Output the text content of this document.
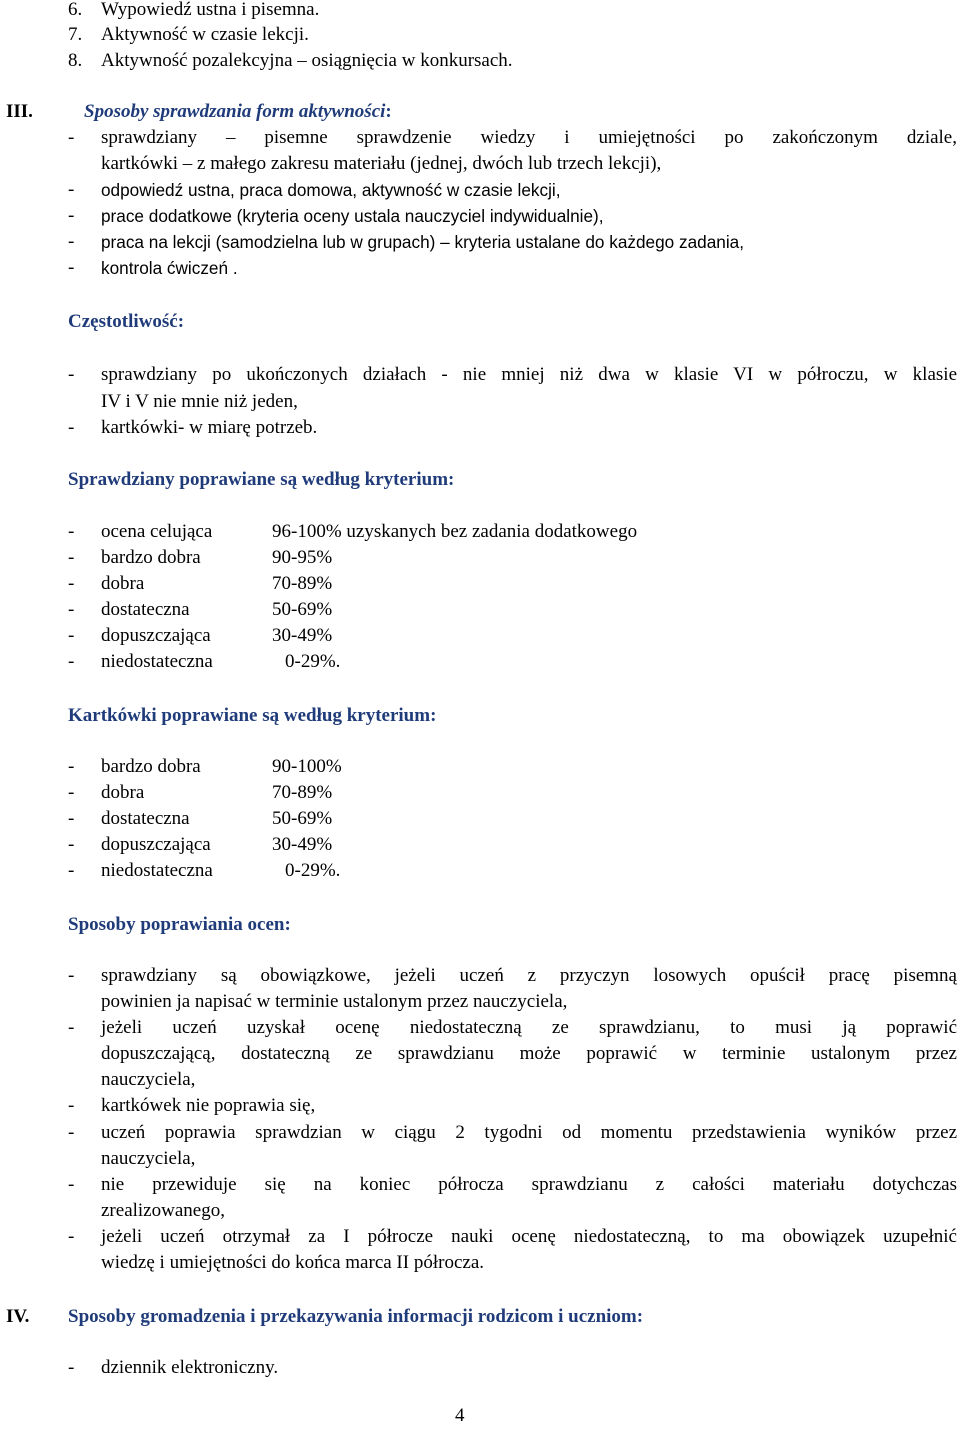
6. Wypowiedź ustna i pisemna.
7. Aktywność w czasie lekcji.
8. Aktywność pozalekcyjna – osiągnięcia w konkursach.
III.	Sposoby sprawdzania form aktywności:
- sprawdziany – pisemne sprawdzenie wiedzy i umiejętności po zakończonym dziale,
kartkówki – z małego zakresu materiału (jednej, dwóch lub trzech lekcji),
- odpowiedź ustna, praca domowa, aktywność w czasie lekcji,
- prace dodatkowe (kryteria oceny ustala nauczyciel indywidualnie),
- praca na lekcji (samodzielna lub w grupach) – kryteria ustalane do każdego zadania,
- kontrola ćwiczeń .
Częstotliwość:
- sprawdziany po ukończonych działach - nie mniej niż dwa w klasie VI w półroczu, w klasie
IV i V nie mnie niż jeden,
- kartkówki- w miarę potrzeb.
Sprawdziany poprawiane są według kryterium:
- ocena celująca	96-100% uzyskanych bez zadania dodatkowego
- bardzo dobra	90-95%
- dobra	70-89%
- dostateczna	50-69%
- dopuszczająca	30-49%
- niedostateczna	0-29%.
Kartkówki poprawiane są według kryterium:
- bardzo dobra	90-100%
- dobra	70-89%
- dostateczna	50-69%
- dopuszczająca	30-49%
- niedostateczna	0-29%.
Sposoby poprawiania ocen:
- sprawdziany są obowiązkowe, jeżeli uczeń z przyczyn losowych opuścił pracę pisemną
powinien ja napisać w terminie ustalonym przez nauczyciela,
- jeżeli uczeń uzyskał ocenę niedostateczną ze sprawdzianu, to musi ją poprawić
dopuszczającą, dostateczną ze sprawdzianu może poprawić w terminie ustalonym przez
nauczyciela,
- kartkówek nie poprawia się,
- uczeń poprawia sprawdzian w ciągu 2 tygodni od momentu przedstawienia wyników przez
nauczyciela,
- nie przewiduje się na koniec półrocza sprawdzianu z całości materiału dotychczas
zrealizowanego,
- jeżeli uczeń otrzymał za I półrocze nauki ocenę niedostateczną, to ma obowiązek uzupełnić
wiedzę i umiejętności do końca marca II półrocza.
IV. Sposoby gromadzenia i przekazywania informacji rodzicom i uczniom:
- dziennik elektroniczny.
4
